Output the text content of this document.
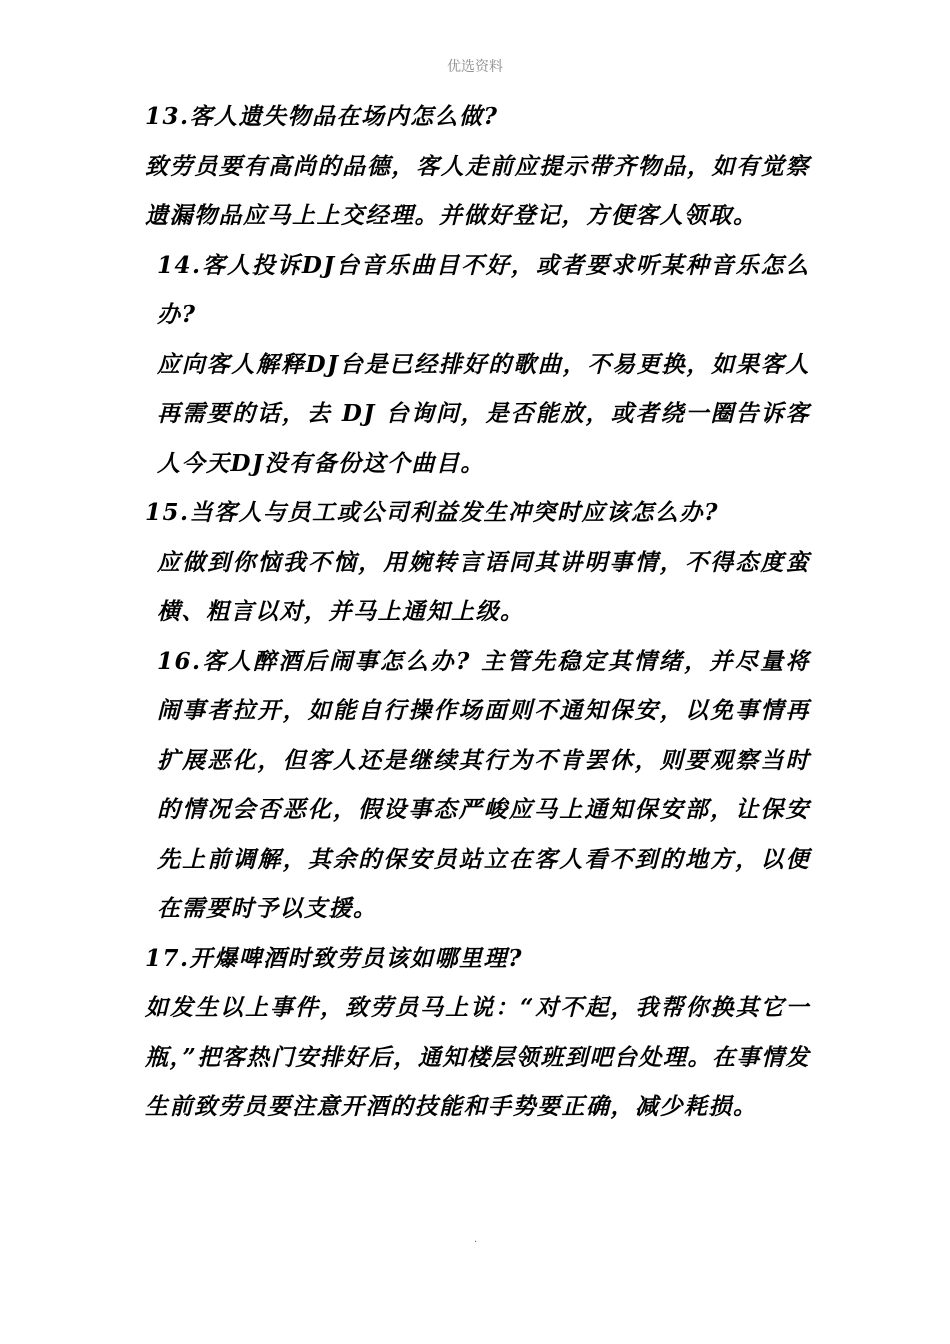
优选资料

13.客人遗失物品在场内怎么做?

致劳员要有高尚的品德，客人走前应提示带齐物品，如有觉察遗漏物品应马上上交经理。并做好登记，方便客人领取。

14.客人投诉DJ台音乐曲目不好，或者要求听某种音乐怎么办?

应向客人解释DJ台是已经排好的歌曲，不易更换，如果客人再需要的话，去 DJ 台询问，是否能放，或者绕一圈告诉客人今天DJ没有备份这个曲目。

15.当客人与员工或公司利益发生冲突时应该怎么办?

应做到你恼我不恼，用婉转言语同其讲明事情，不得态度蛮横、粗言以对，并马上通知上级。

16.客人醉酒后闹事怎么办? 主管先稳定其情绪，并尽量将闹事者拉开，如能自行操作场面则不通知保安，以免事情再扩展恶化，但客人还是继续其行为不肯罢休，则要观察当时的情况会否恶化，假设事态严峻应马上通知保安部，让保安先上前调解，其余的保安员站立在客人看不到的地方，以便在需要时予以支援。

17.开爆啤酒时致劳员该如哪里理?

如发生以上事件，致劳员马上说：“对不起，我帮你换其它一瓶，”把客热门安排好后，通知楼层领班到吧台处理。在事情发生前致劳员要注意开酒的技能和手势要正确，减少耗损。

.
